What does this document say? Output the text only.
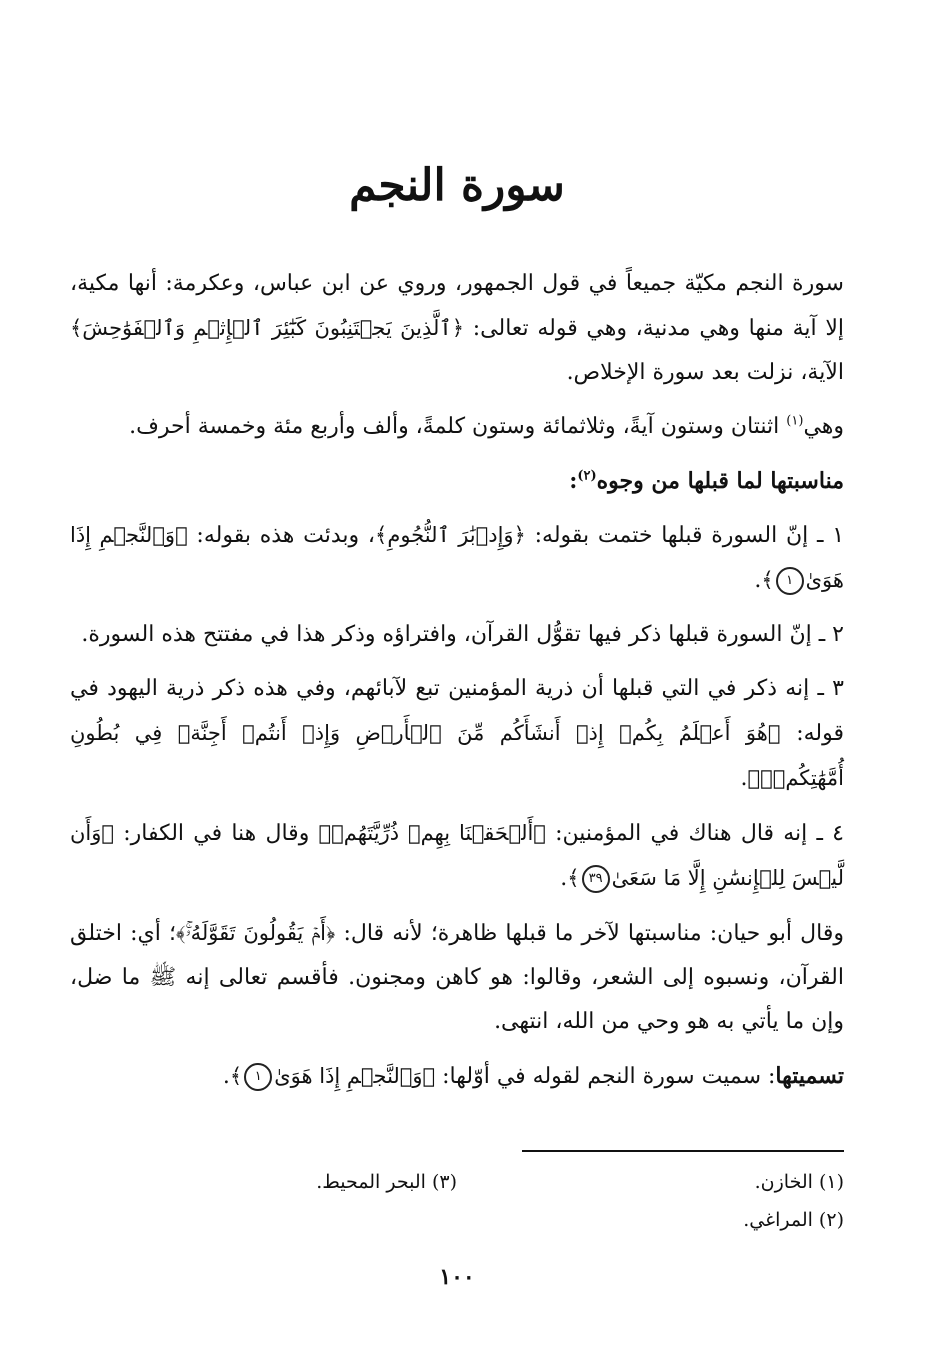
سورة النجم

سورة النجم مكيّة جميعاً في قول الجمهور، وروي عن ابن عباس، وعكرمة: أنها مكية، إلا آية منها وهي مدنية، وهي قوله تعالى: ﴿ٱلَّذِينَ يَجۡتَنِبُونَ كَبَٰٓئِرَ ٱلۡإِثۡمِ وَٱلۡفَوَٰحِشَ﴾ الآية، نزلت بعد سورة الإخلاص.

وهي$^{(١)}$ اثنتان وستون آيةً، وثلاثمائة وستون كلمةً، وألف وأربع مئة وخمسة أحرف.

مناسبتها لما قبلها من وجوه$^{(٢)}$:

١ ـ إنّ السورة قبلها ختمت بقوله: ﴿وَإِدۡبَٰرَ ٱلنُّجُومِ﴾، وبدئت هذه بقوله: ﴿وَٱلنَّجۡمِ إِذَا هَوَىٰ١﴾.

٢ ـ إنّ السورة قبلها ذكر فيها تقوُّل القرآن، وافتراؤه وذكر هذا في مفتتح هذه السورة.

٣ ـ إنه ذكر في التي قبلها أن ذرية المؤمنين تبع لآبائهم، وفي هذه ذكر ذرية اليهود في قوله: ﴿هُوَ أَعۡلَمُ بِكُمۡ إِذۡ أَنشَأَكُم مِّنَ ٱلۡأَرۡضِ وَإِذۡ أَنتُمۡ أَجِنَّةٞ فِي بُطُونِ أُمَّهَٰتِكُمۡۖ﴾.

٤ ـ إنه قال هناك في المؤمنين: ﴿أَلۡحَقۡنَا بِهِمۡ ذُرِّيَّتَهُمۡ﴾ وقال هنا في الكفار: ﴿وَأَن لَّيۡسَ لِلۡإِنسَٰنِ إِلَّا مَا سَعَىٰ٣٩﴾.

وقال أبو حيان: مناسبتها لآخر ما قبلها ظاهرة؛ لأنه قال: ﴿أَمۡ يَقُولُونَ تَقَوَّلَهُۥۚ﴾؛ أي: اختلق القرآن، ونسبوه إلى الشعر، وقالوا: هو كاهن ومجنون. فأقسم تعالى إنه ﷺ ما ضل، وإن ما يأتي به هو وحي من الله، انتهى.

تسميتها: سميت سورة النجم لقوله في أوّلها: ﴿وَٱلنَّجۡمِ إِذَا هَوَىٰ١﴾.

(١) الخازن.
(٣) البحر المحيط.
(٢) المراغي.
١٠٠
